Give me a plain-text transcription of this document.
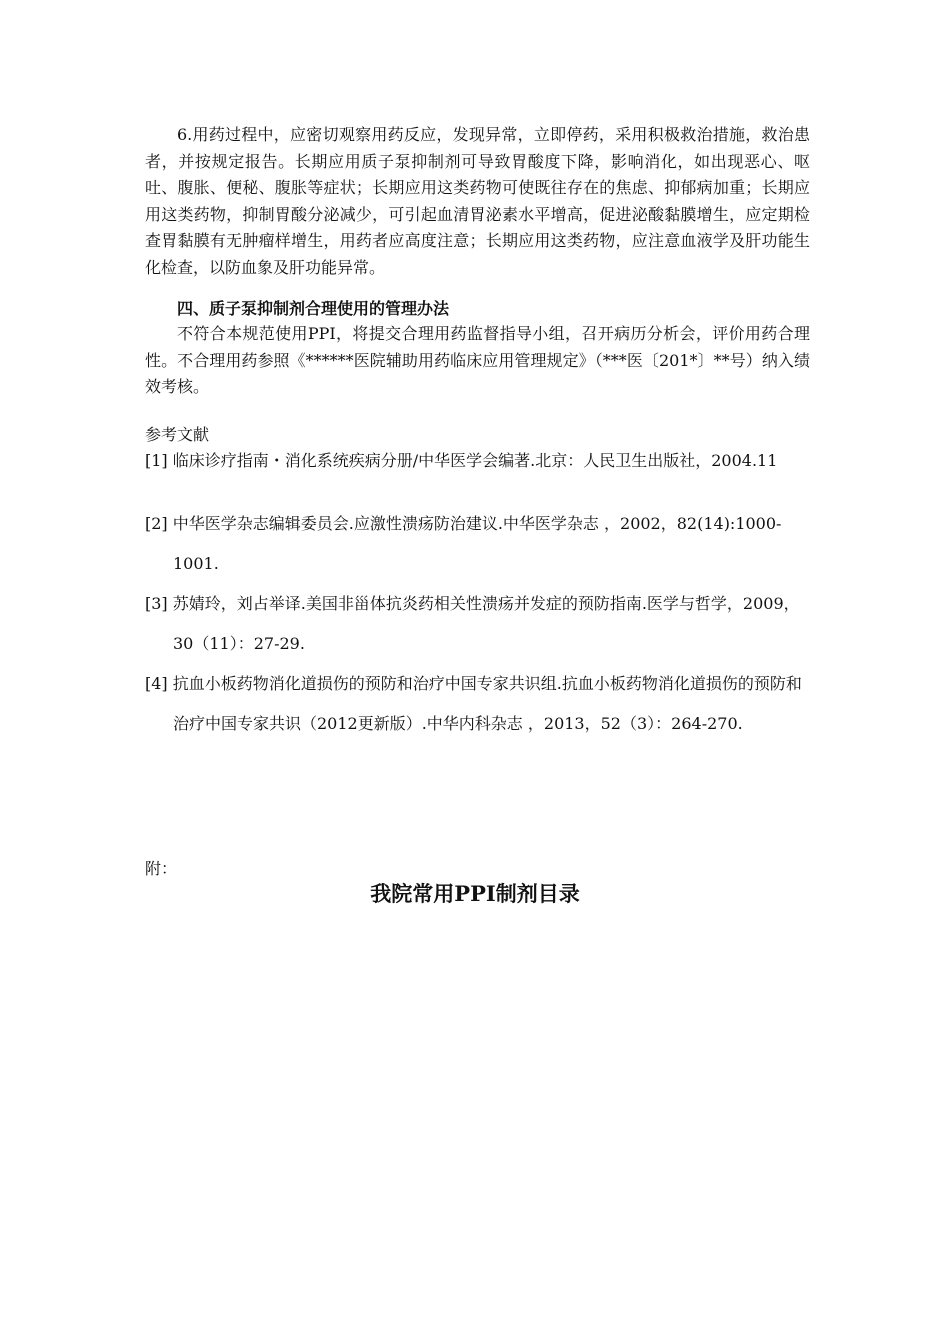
6.用药过程中，应密切观察用药反应，发现异常，立即停药，采用积极救治措施，救治患者，并按规定报告。长期应用质子泵抑制剂可导致胃酸度下降，影响消化，如出现恶心、呕吐、腹胀、便秘、腹胀等症状；长期应用这类药物可使既往存在的焦虑、抑郁病加重；长期应用这类药物，抑制胃酸分泌减少，可引起血清胃泌素水平增高，促进泌酸黏膜增生，应定期检查胃黏膜有无肿瘤样增生，用药者应高度注意；长期应用这类药物，应注意血液学及肝功能生化检查，以防血象及肝功能异常。

四、质子泵抑制剂合理使用的管理办法

不符合本规范使用PPI，将提交合理用药监督指导小组，召开病历分析会，评价用药合理性。不合理用药参照《******医院辅助用药临床应用管理规定》（***医〔201*〕**号）纳入绩效考核。

参考文献

[1] 临床诊疗指南・消化系统疾病分册/中华医学会编著.北京：人民卫生出版社，2004.11

[2] 中华医学杂志编辑委员会.应激性溃疡防治建议.中华医学杂志 ，2002，82(14):1000-1001.

[3] 苏婧玲，刘占举译.美国非甾体抗炎药相关性溃疡并发症的预防指南.医学与哲学，2009，30（11）：27-29.

[4] 抗血小板药物消化道损伤的预防和治疗中国专家共识组.抗血小板药物消化道损伤的预防和治疗中国专家共识（2012更新版）.中华内科杂志 ，2013，52（3）：264-270.

附：

我院常用PPI制剂目录
